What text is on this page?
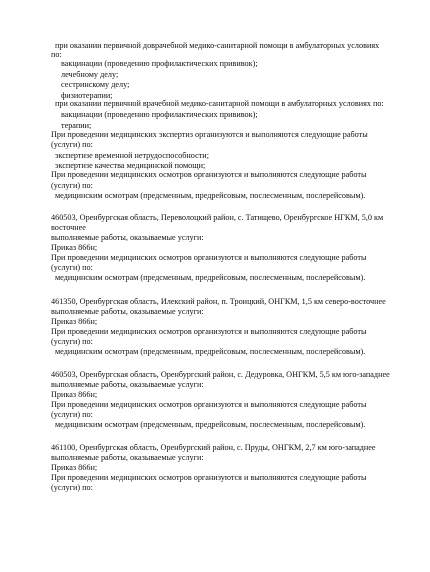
при оказании первичной доврачебной медико-санитарной помощи в амбулаторных условиях
по:
вакцинации (проведению профилактических прививок);
лечебному делу;
сестринскому делу;
физиотерапии;
при оказании первичной врачебной медико-санитарной помощи в амбулаторных условиях по:
вакцинации (проведению профилактических прививок);
терапии;
При проведении медицинских экспертиз организуются и выполняются следующие работы
(услуги) по:
экспертизе временной нетрудоспособности;
экспертизе качества медицинской помощи;
При проведении медицинских осмотров организуются и выполняются следующие работы
(услуги) по:
медицинским осмотрам (предсменным, предрейсовым, послесменным, послерейсовым).
460503, Оренбургская область, Переволоцкий район, с. Татищево, Оренбургское НГКМ, 5,0 км
восточнее
выполняемые работы, оказываемые услуги:
Приказ 866н;
При проведении медицинских осмотров организуются и выполняются следующие работы
(услуги) по:
медицинским осмотрам (предсменным, предрейсовым, послесменным, послерейсовым).
461350, Оренбургская область, Илекский район, п. Троицкий, ОНГКМ, 1,5 км северо-восточнее
выполняемые работы, оказываемые услуги:
Приказ 866н;
При проведении медицинских осмотров организуются и выполняются следующие работы
(услуги) по:
медицинским осмотрам (предсменным, предрейсовым, послесменным, послерейсовым).
460503, Оренбургская область, Оренбургский район, с. Дедуровка, ОНГКМ, 5,5 км юго-западнее
выполняемые работы, оказываемые услуги:
Приказ 866н;
При проведении медицинских осмотров организуются и выполняются следующие работы
(услуги) по:
медицинским осмотрам (предсменным, предрейсовым, послесменным, послерейсовым).
461100, Оренбургская область, Оренбургский район, с. Пруды, ОНГКМ, 2,7 км юго-западнее
выполняемые работы, оказываемые услуги:
Приказ 866н;
При проведении медицинских осмотров организуются и выполняются следующие работы
(услуги) по:
